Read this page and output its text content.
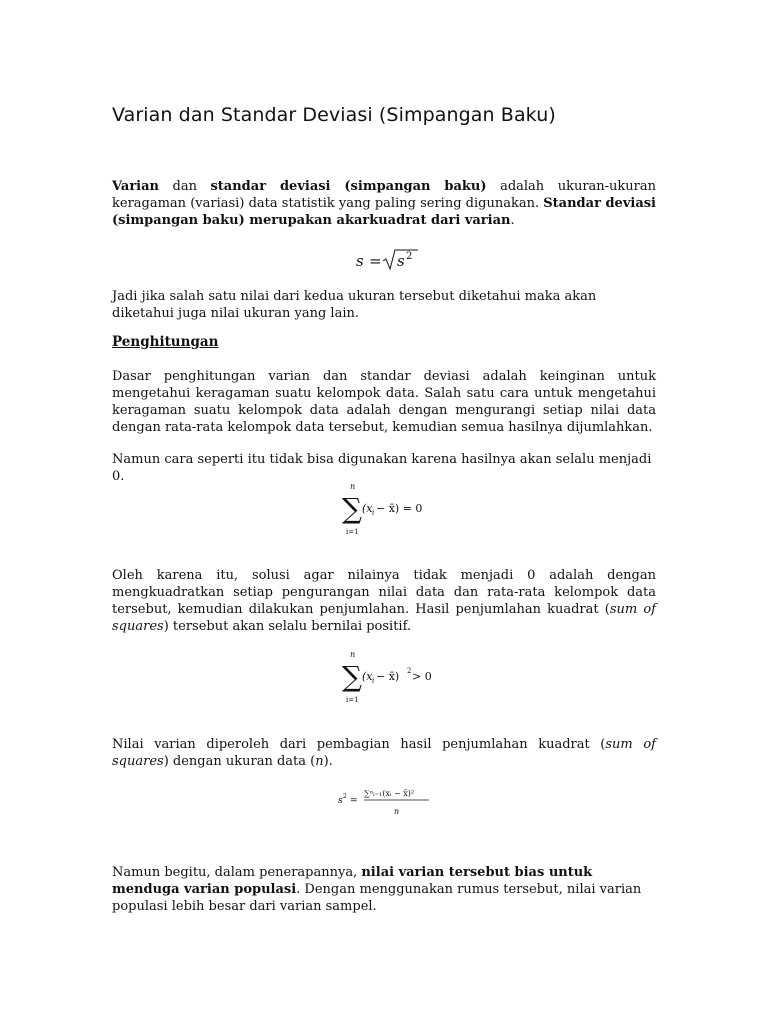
Varian dan Standar Deviasi (Simpangan Baku)

Varian dan standar deviasi (simpangan baku) adalah ukuran-ukuran keragaman (variasi) data statistik yang paling sering digunakan. Standar deviasi (simpangan baku) merupakan akarkuadrat dari varian.

s = s 2

Jadi jika salah satu nilai dari kedua ukuran tersebut diketahui maka akan diketahui juga nilai ukuran yang lain.

Penghitungan

Dasar penghitungan varian dan standar deviasi adalah keinginan untuk mengetahui keragaman suatu kelompok data. Salah satu cara untuk mengetahui keragaman suatu kelompok data adalah dengan mengurangi setiap nilai data dengan rata-rata kelompok data tersebut, kemudian semua hasilnya dijumlahkan.

Namun cara seperti itu tidak bisa digunakan karena hasilnya akan selalu menjadi 0.

n
∑
i=1
(x i − x̄) = 0

Oleh karena itu, solusi agar nilainya tidak menjadi 0 adalah dengan mengkuadratkan setiap pengurangan nilai data dan rata-rata kelompok data tersebut, kemudian dilakukan penjumlahan. Hasil penjumlahan kuadrat (sum of squares) tersebut akan selalu bernilai positif.

n
∑
i=1
(x i − x̄) 2 > 0

Nilai varian diperoleh dari pembagian hasil penjumlahan kuadrat (sum of squares) dengan ukuran data (n).

s 2 =
∑ⁿᵢ₌₁(xᵢ − x̄)²
n

Namun begitu, dalam penerapannya, nilai varian tersebut bias untuk menduga varian populasi. Dengan menggunakan rumus tersebut, nilai varian populasi lebih besar dari varian sampel.
